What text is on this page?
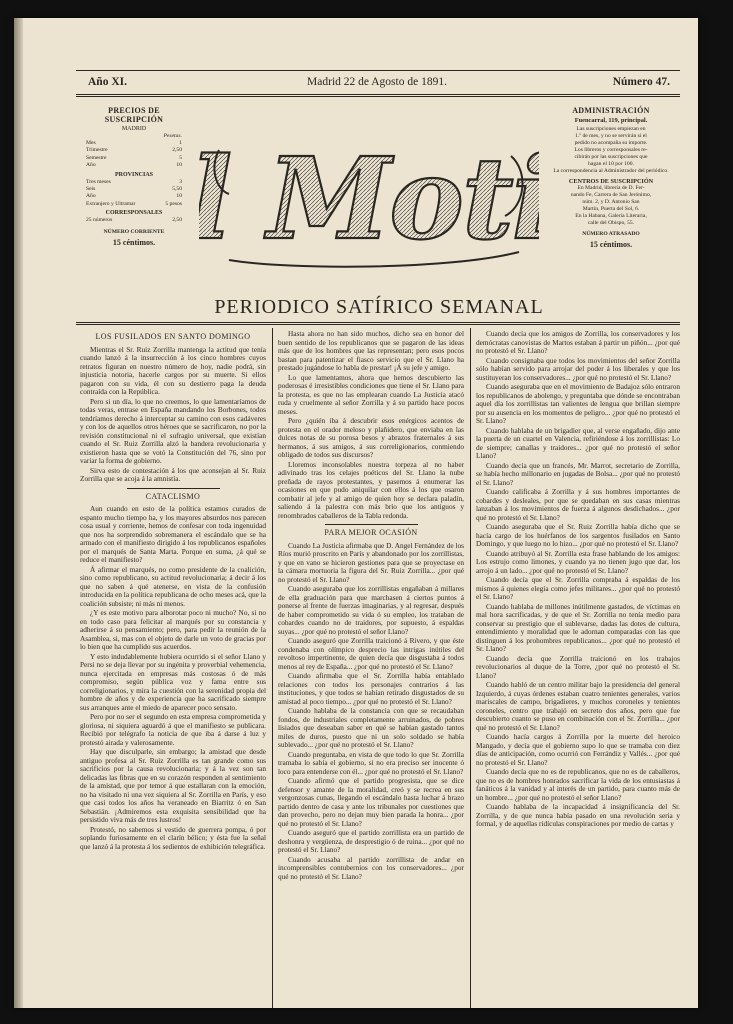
Año XI.	Madrid 22 de Agosto de 1891.	Número 47.
PRECIOS DE SUSCRIPCIÓN
MADRID
Pesetas.
Mes	1
Trimestre	2,50
Semestre	5
Año	10
PROVINCIAS
Tres meses	3
Seis	5,50
Año	10
Extranjero y Ultramar	5 pesos
CORRESPONSALES
25 números	2,50
NÚMERO CORRIENTE
15 céntimos.
ADMINISTRACIÓN
Fuencarral, 119, principal.
Las suscripciones empiezan en
1.º de mes, y no se servirán si el
pedido no acompaña su importe.
Los libreros y corresponsales re-
cibirán por las suscripciones que
hagan el 10 por 100.
La correspondencia al Administrador del periódico.
CENTROS DE SUSCRIPCIÓN
En Madrid, librería de D. Fer-
nando Fe, Carrera de San Jerónimo,
núm. 2, y D. Antonio San
Martín, Puerta del Sol, 6.
En la Habana, Galería Literaria,
calle del Obispo, 55.
NÚMERO ATRASADO
15 céntimos.
Mot
PERIODICO SATÍRICO SEMANAL
LOS FUSILADOS EN SANTO DOMINGO

Mientras el Sr. Ruiz Zorrilla mantenga la actitud que tenía cuando lanzó á la insurrección á los cinco hombres cuyos retratos figuran en nuestro número de hoy, nadie podrá, sin injusticia notoria, hacerle cargos por su muerte. Si ellos pagaron con su vida, él con su destierro paga la deuda contraída con la República.

Pero si un día, lo que no creemos, lo que lamentaríamos de todas veras, entrase en España mandando los Borbones, todos tendríamos derecho á interceptar su camino con esos cadáveres y con los de aquellos otros héroes que se sacrificaron, no por la revisión constitucional ni el sufragio universal, que existían cuando el Sr. Ruiz Zorrilla alzó la bandera revolucionaria y existieron hasta que se votó la Constitución del 76, sino por variar la forma de gobierno.

Sirva esto de contestación á los que aconsejan al Sr. Ruiz Zorrilla que se acoja á la amnistía.

CATACLISMO

Aun cuando en esto de la política estamos curados de espanto mucho tiempo ha, y los mayores absurdos nos parecen cosa usual y corriente, hemos de confesar con toda ingenuidad que nos ha sorprendido sobremanera el escándalo que se ha armado con el manifiesto dirigido á los republicanos españoles por el marqués de Santa Marta. Porque en suma, ¿á qué se reduce el manifiesto?

Á afirmar el marqués, no como presidente de la coalición, sino como republicano, su actitud revolucionaria; á decir á los que no saben á qué atenerse, en vista de la confusión introducida en la política republicana de ocho meses acá, que la coalición subsiste; ni más ni menos.

¿Y es este motivo para alborotar poco ni mucho? No, si no en todo caso para felicitar al marqués por su constancia y adherirse á su pensamiento; pero, para pedir la reunión de la Asamblea, si, mas con el objeto de darle un voto de gracias por lo bien que ha cumplido sus acuerdos.

Y esto indudablemente hubiera ocurrido si el señor Llano y Persi no se deja llevar por su ingénita y proverbial vehemencia, nunca ejercitada en empresas más costosas ó de más compromiso, según pública voz y fama entre sus correligionarios, y mira la cuestión con la serenidad propia del hombre de años y de experiencia que ha sacrificado siempre sus arranques ante el miedo de aparecer poco sensato.

Pero por no ser el segundo en esta empresa comprometida y gloriosa, ni siquiera aguardó á que el manifiesto se publicara. Recibió por telégrafo la noticia de que iba á darse á luz y protestó airada y valerosamente.

Hay que disculparle, sin embargo; la amistad que desde antiguo profesa al Sr. Ruiz Zorrilla es tan grande como sus sacrificios por la causa revolucionaria; y á la vez son tan delicadas las fibras que en su corazón responden al sentimiento de la amistad, que por temor á que estallaran con la emoción, no ha visitado ni una vez siquiera al Sr. Zorrilla en París, y eso que casi todos los años ha veraneado en Biarritz ó en San Sebastián. ¡Admiremos esta exquisita sensibilidad que ha persistido viva más de tres lustros!

Protestó, no sabemos si vestido de guerrera pompa, ó por soplando furiosamente en el clarín bélico; y ésta fue la señal que lanzó á la protesta á los sedientos de exhibición telegráfica.

Hasta ahora no han sido muchos, dicho sea en honor del buen sentido de los republicanos que se pagaron de las ideas más que de los hombres que las representan; pero esos pocos bastan para patentizar el fiasco servicio que el Sr. Llano ha prestado jugándose lo habla de prestar! ¡Á su jefe y amigo.

Lo que lamentamos, ahora que hemos descubierto las poderosas é irresistibles condiciones que tiene el Sr. Llano para la protesta, es que no las emplearan cuando La Justicia atacó ruda y cruelmente al señor Zorrilla y á su partido hace pocos meses.

Pero ¿quién iba á descubrir esos enérgicos acentos de protesta en el orador meloso y plañidero, que enviaba en las dulces notas de su porosa besos y abrazos fraternales á sus hermanos, á sus amigos, á sus correligionarios, conmiendo obligado de todos sus discursos?

Lloremos inconsolables nuestra torpeza al no haber adivinado tras los celajes poéticos del Sr. Llano la nube preñada de rayos protestantes, y pasemos á enumerar las ocasiones en que pudo aniquilar con ellos á los que osaron combatir al jefe y al amigo de quien hoy se declara paladín, saliendo á la palestra con más brío que los antiguos y renombrados caballeros de la Tabla redonda.

PARA MEJOR OCASIÓN

Cuando La Justicia afirmaba que D. Angel Fernández de los Ríos murió proscrito en París y abandonado por los zorrillistas, y que en vano se hicieron gestiones para que se proyectase en la cámara mortuoria la figura del Sr. Ruiz Zorrilla... ¿por qué no protestó el Sr. Llano?

Cuando aseguraba que los zorrillistas engañaban á millares de ella graduación para que marchasen á ciertos puntos á ponerse al frente de fuerzas imaginarias, y al regresar, después de haber comprometido su vida ó su empleo, los trataban de cobardes cuando no de traidores, por supuesto, á espaldas suyas... ¿por qué no protestó el señor Llano?

Cuando aseguró que Zorrilla traicionó á Rivero, y que éste condenaba con olímpico desprecio las intrigas inútiles del revoltoso impertinente, de quien decía que disgustaba á todos menos al rey de España... ¿por qué no protestó el Sr. Llano?

Cuando afirmaba que el Sr. Zorrilla había entablado relaciones con todos los personajes contrarios á las instituciones, y que todos se habían retirado disgustados de su amistad al poco tiempo... ¿por qué no protestó el Sr. Llano?

Cuando hablaba de la constancia con que se recaudaban fondos, de industriales completamente arruinados, de pobres lisiados que deseaban saber en qué se habían gastado tantos miles de duros, puesto que ni un solo soldado se había sublevado... ¿por qué no protestó el Sr. Llano?

Cuando preguntaba, en vista de que todo lo que Sr. Zorrilla tramaba lo sabía el gobierno, si no era preciso ser inocente ó loco para entenderse con él... ¿por qué no protestó el Sr. Llano?

Cuando afirmó que el partido progresista, que se dice defensor y amante de la moralidad, creó y se recrea en sus vergonzosas cunas, llegando el escándalo hasta luchar á brazo partido dentro de casa y ante los tribunales por cuestiones que dan provecho, pero no dejan muy bien parada la honra... ¿por qué no protestó el Sr. Llano?

Cuando aseguró que el partido zorrillista era un partido de deshonra y vergüenza, de desprestigio ó de ruina... ¿por qué no protestó el Sr. Llano?

Cuando acusaba al partido zorrillista de andar en incomprensibles contubernios con los conservadores... ¿por qué no protestó el Sr. Llano?

Cuando decía que los amigos de Zorrilla, los conservadores y los demócratas canovistas de Martos estaban á partir un piñón... ¿por qué no protestó el Sr. Llano?

Cuando consignaba que todos los movimientos del señor Zorrilla sólo habían servido para arrojar del poder á los liberales y que los sustituyeran los conservadores... ¿por qué no protestó el Sr. Llano?

Cuando aseguraba que en el movimiento de Badajoz sólo entraron los republicanos de abolengo, y preguntaba que dónde se encontraban aquel día los zorrillistas tan valientes de lengua que brillan siempre por su ausencia en los momentos de peligro... ¿por qué no protestó el Sr. Llano?

Cuando hablaba de un brigadier que, al verse engañado, dijo ante la puerta de un cuartel en Valencia, refiriéndose á los zorrillistas: Lo de siempre; canallas y traidores... ¿por qué no protestó el señor Llano?

Cuando decía que un francés, Mr. Marrot, secretario de Zorrilla, se había hecho millonario en jugadas de Bolsa... ¿por qué no protestó el Sr. Llano?

Cuando calificaba á Zorrilla y á sus hombres importantes de cobardes y desleales, por que se quedaban en sus casas mientras lanzaban á los movimientos de fuerza á algunos desdichados... ¿por qué no protestó el Sr. Llano?

Cuando aseguraba que el Sr. Ruiz Zorrilla había dicho que se hacía cargo de los huérfanos de los sargentos fusilados en Santo Domingo, y que luego no lo hizo... ¿por qué no protestó el Sr. Llano?

Cuando atribuyó al Sr. Zorrilla esta frase hablando de los amigos: Los estrujo como limones, y cuando ya no tienen jugo que dar, los arrojo á un lado... ¿por qué no protestó el Sr. Llano?

Cuando decía que el Sr. Zorrilla compraba á espaldas de los mismos á quienes elegía como jefes militares... ¿por qué no protestó el Sr. Llano?

Cuando hablaba de millones inútilmente gastados, de víctimas en mal hora sacrificadas, y de que el Sr. Zorrilla no tenía medio para conservar su prestigio que el sublevarse, dadas las dotes de cultura, entendimiento y moralidad que le adornan comparadas con las que distinguen á los prohombres republicanos... ¿por qué no protestó el Sr. Llano?

Cuando decía que Zorrilla traicionó en los trabajos revolucionarios al duque de la Torre, ¿por qué no protestó el Sr. Llano?

Cuando habló de un centro militar bajo la presidencia del general Izquierdo, á cuyas órdenes estaban cuatro tenientes generales, varios mariscales de campo, brigadieres, y muchos coroneles y tenientes coroneles, centro que trabajó en secreto dos años, pero que fue descubierto cuanto se puso en combinación con el Sr. Zorrilla... ¿por qué no protestó el Sr. Llano?

Cuando hacía cargos á Zorrilla por la muerte del heroico Mangado, y decía que el gobierno supo lo que se tramaba con diez días de anticipación, como ocurrió con Ferrándiz y Vallés... ¿por qué no protestó el Sr. Llano?

Cuando decía que no es de republicanos, que no es de caballeros, que no es de hombres honrados sacrificar la vida de los entusiastas á fanáticos á la vanidad y al interés de un partido, para cuanto más de un hombre... ¿por qué no protestó el señor Llano?

Cuando hablaba de la incapacidad á insignificancia del Sr. Zorrilla, y de que nunca había pasado en una revolución seria y formal, y de aquellas ridículas conspiraciones por medio de cartas y
